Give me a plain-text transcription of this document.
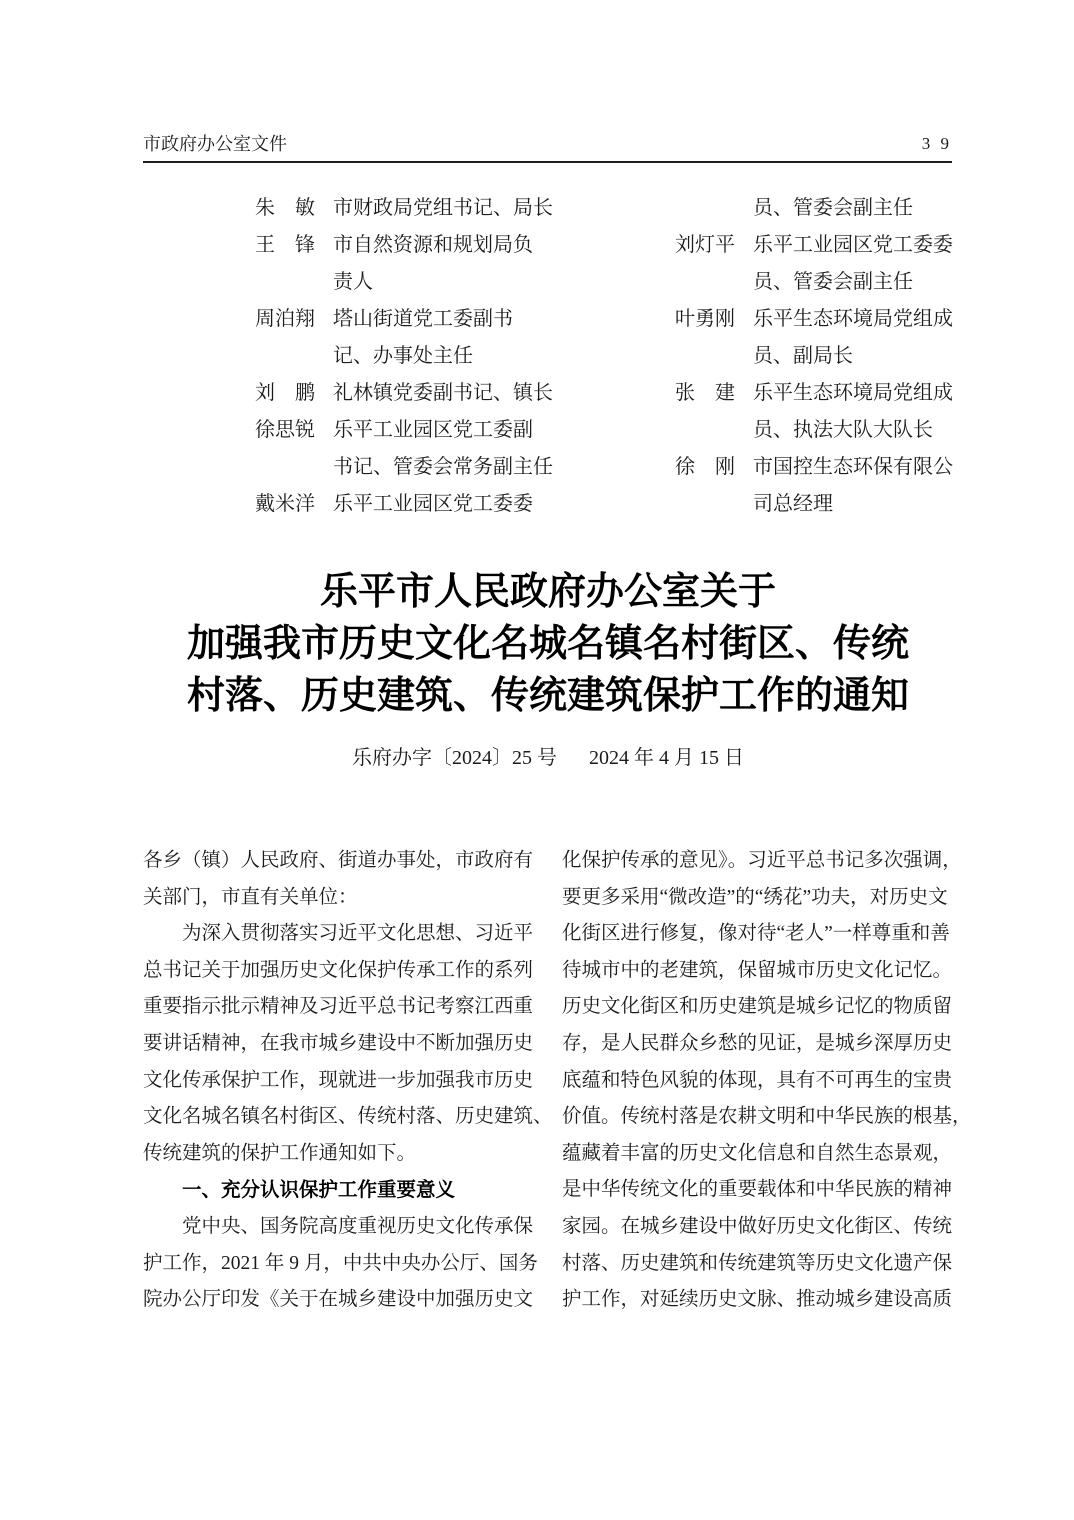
市政府办公室文件	3 9
朱　敏 市财政局党组书记、局长
王　锋 市自然资源和规划局负
责人
周泊翔 塔山街道党工委副书
记、办事处主任
刘　鹏 礼林镇党委副书记、镇长
徐思锐 乐平工业园区党工委副
书记、管委会常务副主任
戴米洋 乐平工业园区党工委委
员、管委会副主任
刘灯平 乐平工业园区党工委委
员、管委会副主任
叶勇刚 乐平生态环境局党组成
员、副局长
张　建 乐平生态环境局党组成
员、执法大队大队长
徐　刚 市国控生态环保有限公
司总经理
乐平市人民政府办公室关于
加强我市历史文化名城名镇名村街区、传统
村落、历史建筑、传统建筑保护工作的通知
乐府办字〔2024〕25 号 2024 年 4 月 15 日
各乡（镇）人民政府、街道办事处，市政府有
关部门，市直有关单位：
　　为深入贯彻落实习近平文化思想、习近平
总书记关于加强历史文化保护传承工作的系列
重要指示批示精神及习近平总书记考察江西重
要讲话精神，在我市城乡建设中不断加强历史
文化传承保护工作，现就进一步加强我市历史
文化名城名镇名村街区、传统村落、历史建筑、
传统建筑的保护工作通知如下。
　　一、充分认识保护工作重要意义
　　党中央、国务院高度重视历史文化传承保
护工作，2021 年 9 月，中共中央办公厅、国务
院办公厅印发《关于在城乡建设中加强历史文
化保护传承的意见》。习近平总书记多次强调，
要更多采用“微改造”的“绣花”功夫，对历史文
化街区进行修复，像对待“老人”一样尊重和善
待城市中的老建筑，保留城市历史文化记忆。
历史文化街区和历史建筑是城乡记忆的物质留
存，是人民群众乡愁的见证，是城乡深厚历史
底蕴和特色风貌的体现，具有不可再生的宝贵
价值。传统村落是农耕文明和中华民族的根基，
蕴藏着丰富的历史文化信息和自然生态景观，
是中华传统文化的重要载体和中华民族的精神
家园。在城乡建设中做好历史文化街区、传统
村落、历史建筑和传统建筑等历史文化遗产保
护工作，对延续历史文脉、推动城乡建设高质
